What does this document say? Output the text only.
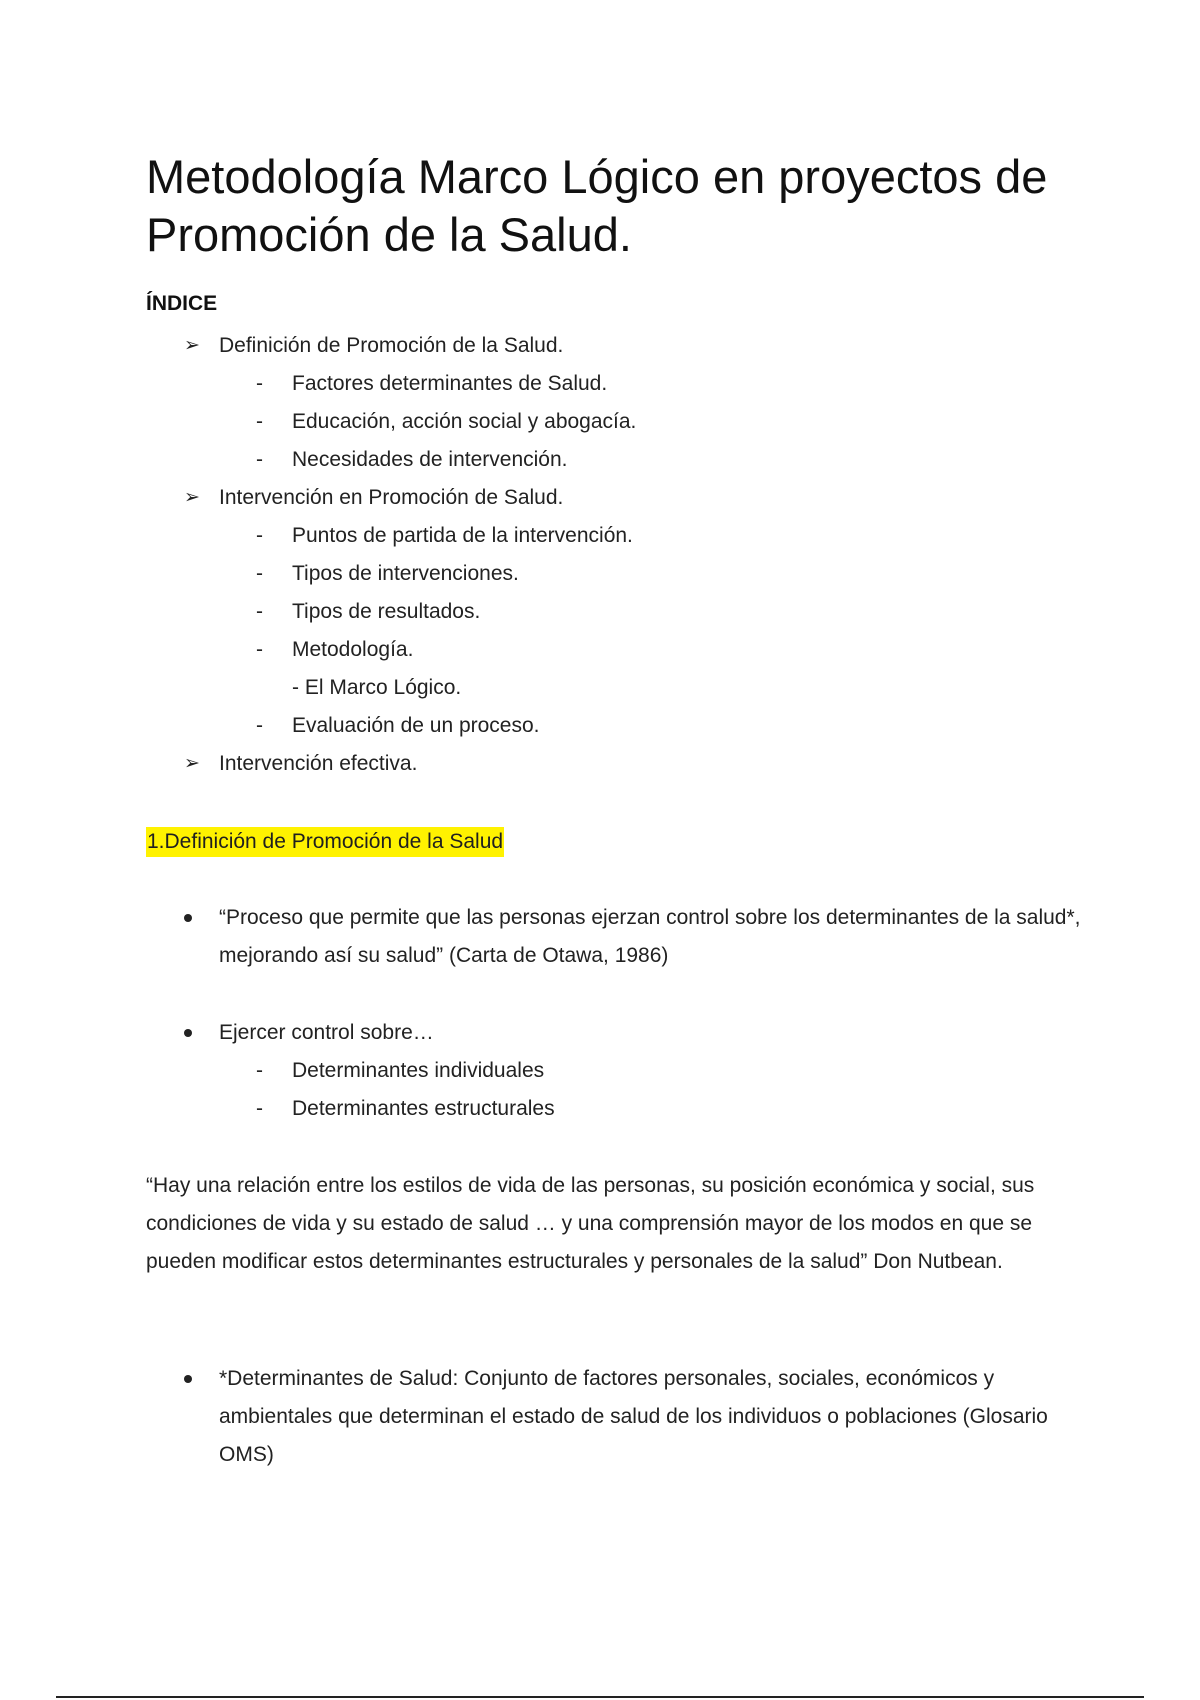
Metodología Marco Lógico en proyectos de Promoción de la Salud.
ÍNDICE
➢ Definición de Promoción de la Salud.
- Factores determinantes de Salud.
- Educación, acción social y abogacía.
- Necesidades de intervención.
➢ Intervención en Promoción de Salud.
- Puntos de partida de la intervención.
- Tipos de intervenciones.
- Tipos de resultados.
- Metodología.
- El Marco Lógico.
- Evaluación de un proceso.
➢ Intervención efectiva.
1.Definición de Promoción de la Salud
“Proceso que permite que las personas ejerzan control sobre los determinantes de la salud*, mejorando así su salud” (Carta de Otawa, 1986)
Ejercer control sobre…
- Determinantes individuales
- Determinantes estructurales
“Hay una relación entre los estilos de vida de las personas, su posición económica y social, sus condiciones de vida y su estado de salud … y una comprensión mayor de los modos en que se pueden modificar estos determinantes estructurales y personales de la salud” Don Nutbean.
*Determinantes de Salud: Conjunto de factores personales, sociales, económicos y ambientales que determinan el estado de salud de los individuos o poblaciones (Glosario OMS)
